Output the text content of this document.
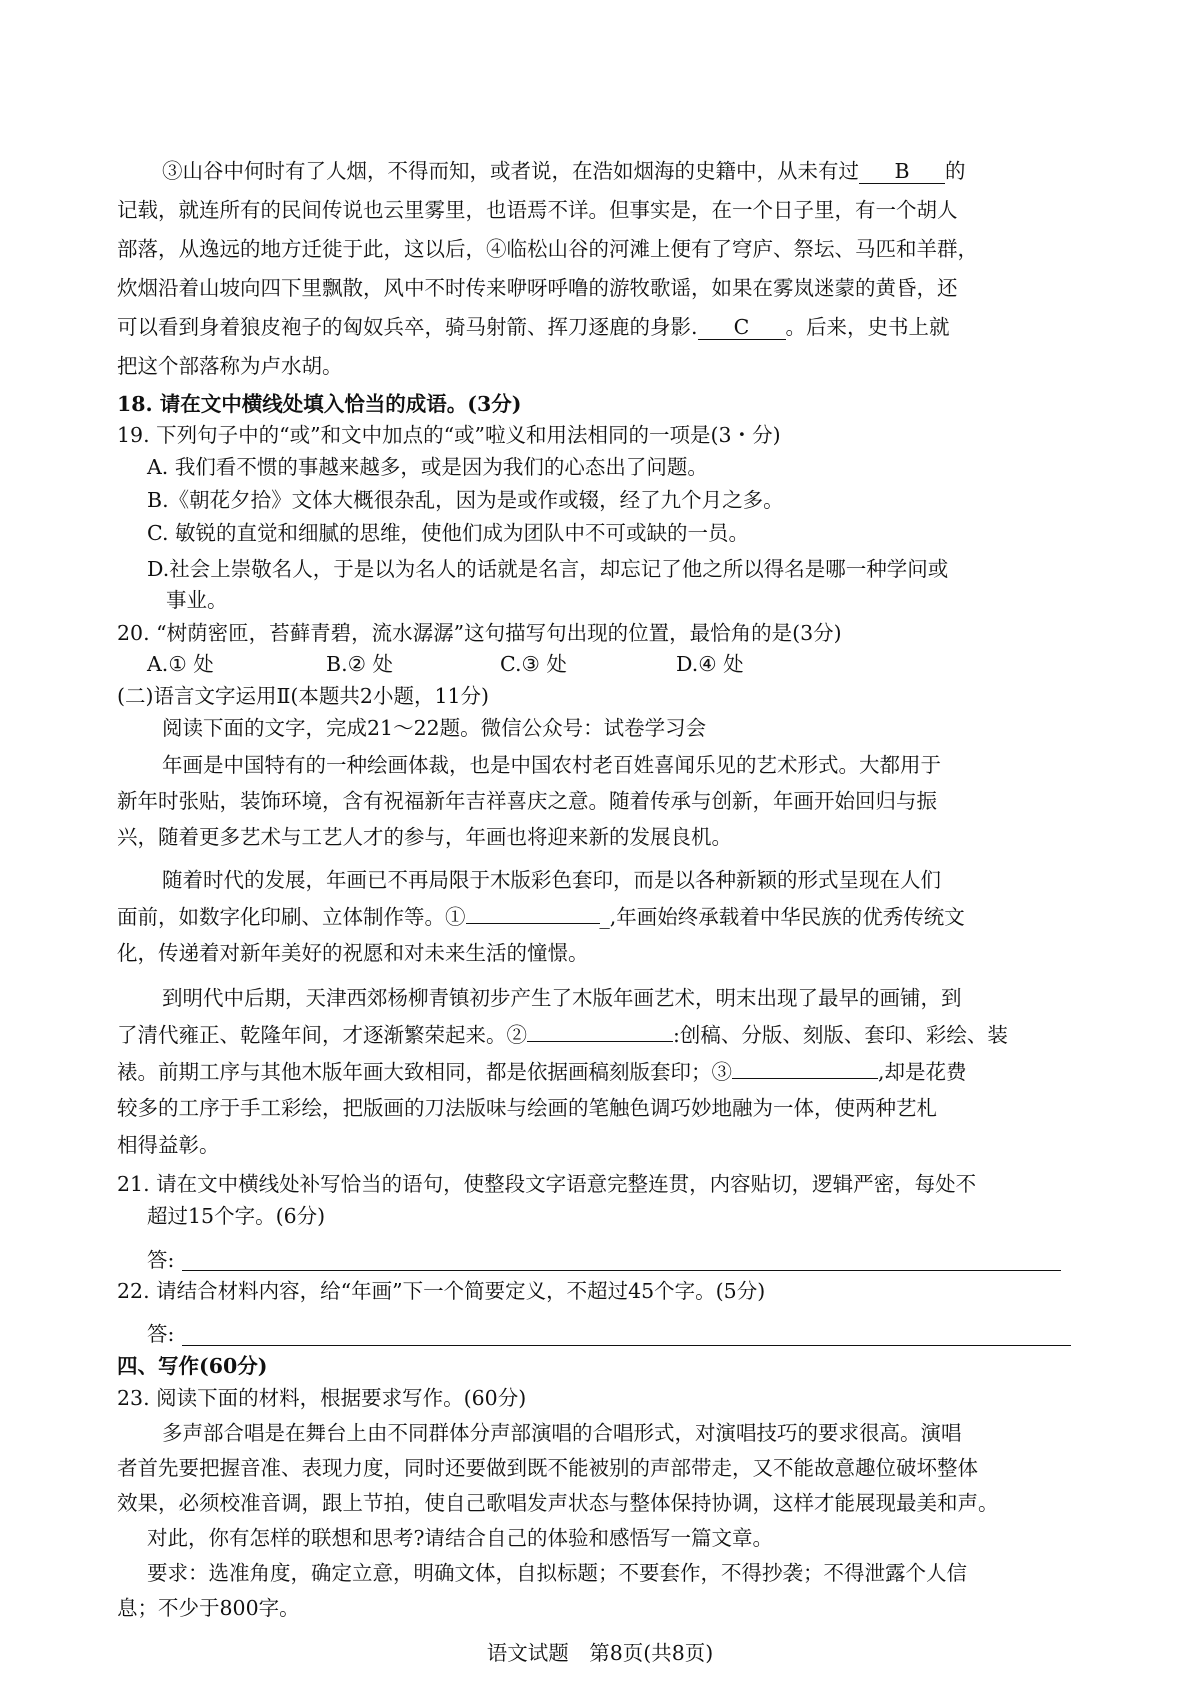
③山谷中何时有了人烟，不得而知，或者说，在浩如烟海的史籍中，从未有过 B 的
记载，就连所有的民间传说也云里雾里，也语焉不详。但事实是，在一个日子里，有一个胡人
部落，从逸远的地方迁徙于此，这以后，④临松山谷的河滩上便有了穹庐、祭坛、马匹和羊群，
炊烟沿着山坡向四下里飘散，风中不时传来咿呀呼噜的游牧歌谣，如果在雾岚迷蒙的黄昏，还
可以看到身着狼皮袍子的匈奴兵卒，骑马射箭、挥刀逐鹿的身影. C 。后来，史书上就
把这个部落称为卢水胡。
18. 请在文中横线处填入恰当的成语。(3分)
19. 下列句子中的“或”和文中加点的“或”啦义和用法相同的一项是(3・分)
A. 我们看不惯的事越来越多，或是因为我们的心态出了问题。
B.《朝花夕拾》文体大概很杂乱，因为是或作或辍，经了九个月之多。
C. 敏锐的直觉和细腻的思维，使他们成为团队中不可或缺的一员。
D.社会上崇敬名人，于是以为名人的话就是名言，却忘记了他之所以得名是哪一种学问或
事业。
20. “树荫密匝，苔藓青碧，流水潺潺”这句描写句出现的位置，最恰角的是(3分)
A.① 处	B.② 处	C.③ 处	D.④ 处
(二)语言文字运用Ⅱ(本题共2小题，11分)
阅读下面的文字，完成21～22题。微信公众号：试卷学习会
年画是中国特有的一种绘画体裁，也是中国农村老百姓喜闻乐见的艺术形式。大都用于
新年时张贴，装饰环境，含有祝福新年吉祥喜庆之意。随着传承与创新，年画开始回归与振
兴，随着更多艺术与工艺人才的参与，年画也将迎来新的发展良机。
随着时代的发展，年画已不再局限于木版彩色套印，而是以各种新颖的形式呈现在人们
面前，如数字化印刷、立体制作等。①	_,年画始终承载着中华民族的优秀传统文
化，传递着对新年美好的祝愿和对未来生活的憧憬。
到明代中后期，天津西郊杨柳青镇初步产生了木版年画艺术，明末出现了最早的画铺，到
了清代雍正、乾隆年间，才逐渐繁荣起来。②	:创稿、分版、刻版、套印、彩绘、装
裱。前期工序与其他木版年画大致相同，都是依据画稿刻版套印；③	,却是花费
较多的工序于手工彩绘，把版画的刀法版味与绘画的笔触色调巧妙地融为一体，使两种艺札
相得益彰。
21. 请在文中横线处补写恰当的语句，使整段文字语意完整连贯，内容贴切，逻辑严密，每处不
超过15个字。(6分)
答:
22. 请结合材料内容，给“年画”下一个简要定义，不超过45个字。(5分)
答:
四、写作(60分)
23. 阅读下面的材料，根据要求写作。(60分)
多声部合唱是在舞台上由不同群体分声部演唱的合唱形式，对演唱技巧的要求很高。演唱
者首先要把握音准、表现力度，同时还要做到既不能被别的声部带走，又不能故意趣位破坏整体
效果，必须校准音调，跟上节拍，使自己歌唱发声状态与整体保持协调，这样才能展现最美和声。
对此，你有怎样的联想和思考?请结合自己的体验和感悟写一篇文章。
要求：选准角度，确定立意，明确文体，自拟标题；不要套作，不得抄袭；不得泄露个人信
息；不少于800字。
语文试题　第8页(共8页)
